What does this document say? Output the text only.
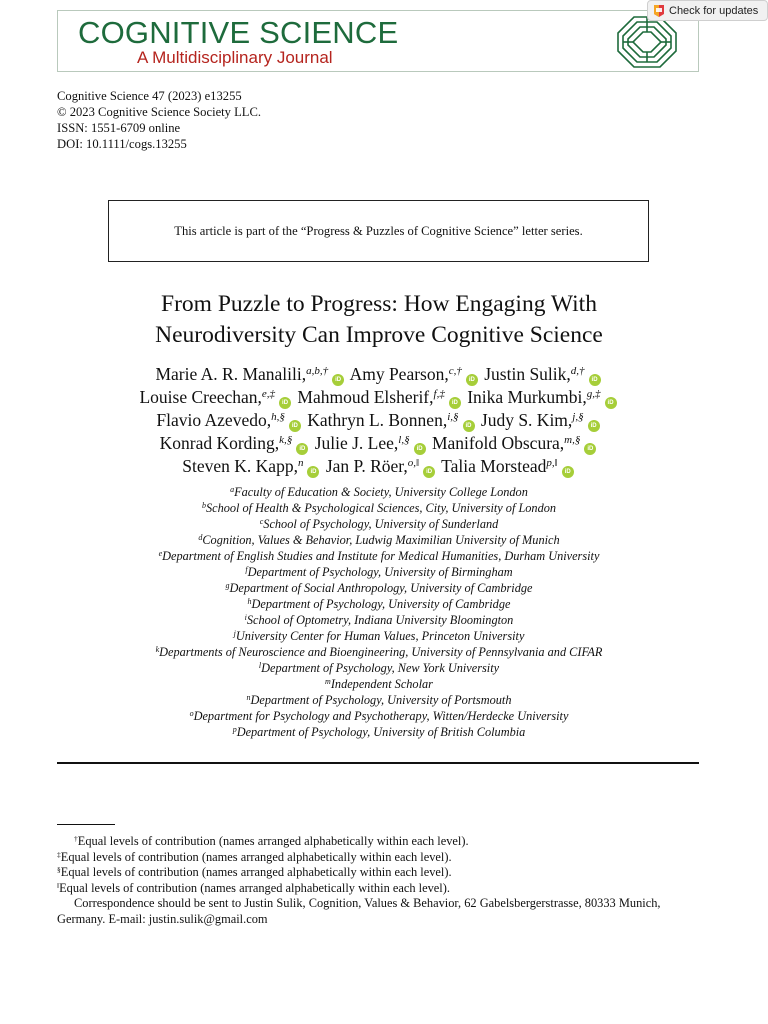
COGNITIVE SCIENCE
A Multidisciplinary Journal
Check for updates
Cognitive Science 47 (2023) e13255
© 2023 Cognitive Science Society LLC.
ISSN: 1551-6709 online
DOI: 10.1111/cogs.13255
This article is part of the “Progress & Puzzles of Cognitive Science” letter series.
From Puzzle to Progress: How Engaging With
Neurodiversity Can Improve Cognitive Science
Marie A. R. Manalili,$^{a,b,\dagger}$iD Amy Pearson,$^{c,\dagger}$iD Justin Sulik,$^{d,\dagger}$iD
Louise Creechan,$^{e,\ddagger}$iD Mahmoud Elsherif,$^{f,\ddagger}$iD Inika Murkumbi,$^{g,\ddagger}$iD
Flavio Azevedo,$^{h,\S}$iD Kathryn L. Bonnen,$^{i,\S}$iD Judy S. Kim,$^{j,\S}$iD
Konrad Kording,$^{k,\S}$iD Julie J. Lee,$^{l,\S}$iD Manifold Obscura,$^{m,\S}$iD
Steven K. Kapp,$^n$iD Jan P. Röer,$^{o,‖}$iD Talia Morstead$^{p,‖}$iD
$^a$Faculty of Education & Society, University College London
$^b$School of Health & Psychological Sciences, City, University of London
$^c$School of Psychology, University of Sunderland
$^d$Cognition, Values & Behavior, Ludwig Maximilian University of Munich
$^e$Department of English Studies and Institute for Medical Humanities, Durham University
$^f$Department of Psychology, University of Birmingham
$^g$Department of Social Anthropology, University of Cambridge
$^h$Department of Psychology, University of Cambridge
$^i$School of Optometry, Indiana University Bloomington
$^j$University Center for Human Values, Princeton University
$^k$Departments of Neuroscience and Bioengineering, University of Pennsylvania and CIFAR
$^l$Department of Psychology, New York University
$^m$Independent Scholar
$^n$Department of Psychology, University of Portsmouth
$^o$Department for Psychology and Psychotherapy, Witten/Herdecke University
$^p$Department of Psychology, University of British Columbia
†Equal levels of contribution (names arranged alphabetically within each level).
‡Equal levels of contribution (names arranged alphabetically within each level).
§Equal levels of contribution (names arranged alphabetically within each level).
‖Equal levels of contribution (names arranged alphabetically within each level).
Correspondence should be sent to Justin Sulik, Cognition, Values & Behavior, 62 Gabelsbergerstrasse, 80333 Munich, Germany. E-mail: justin.sulik@gmail.com
